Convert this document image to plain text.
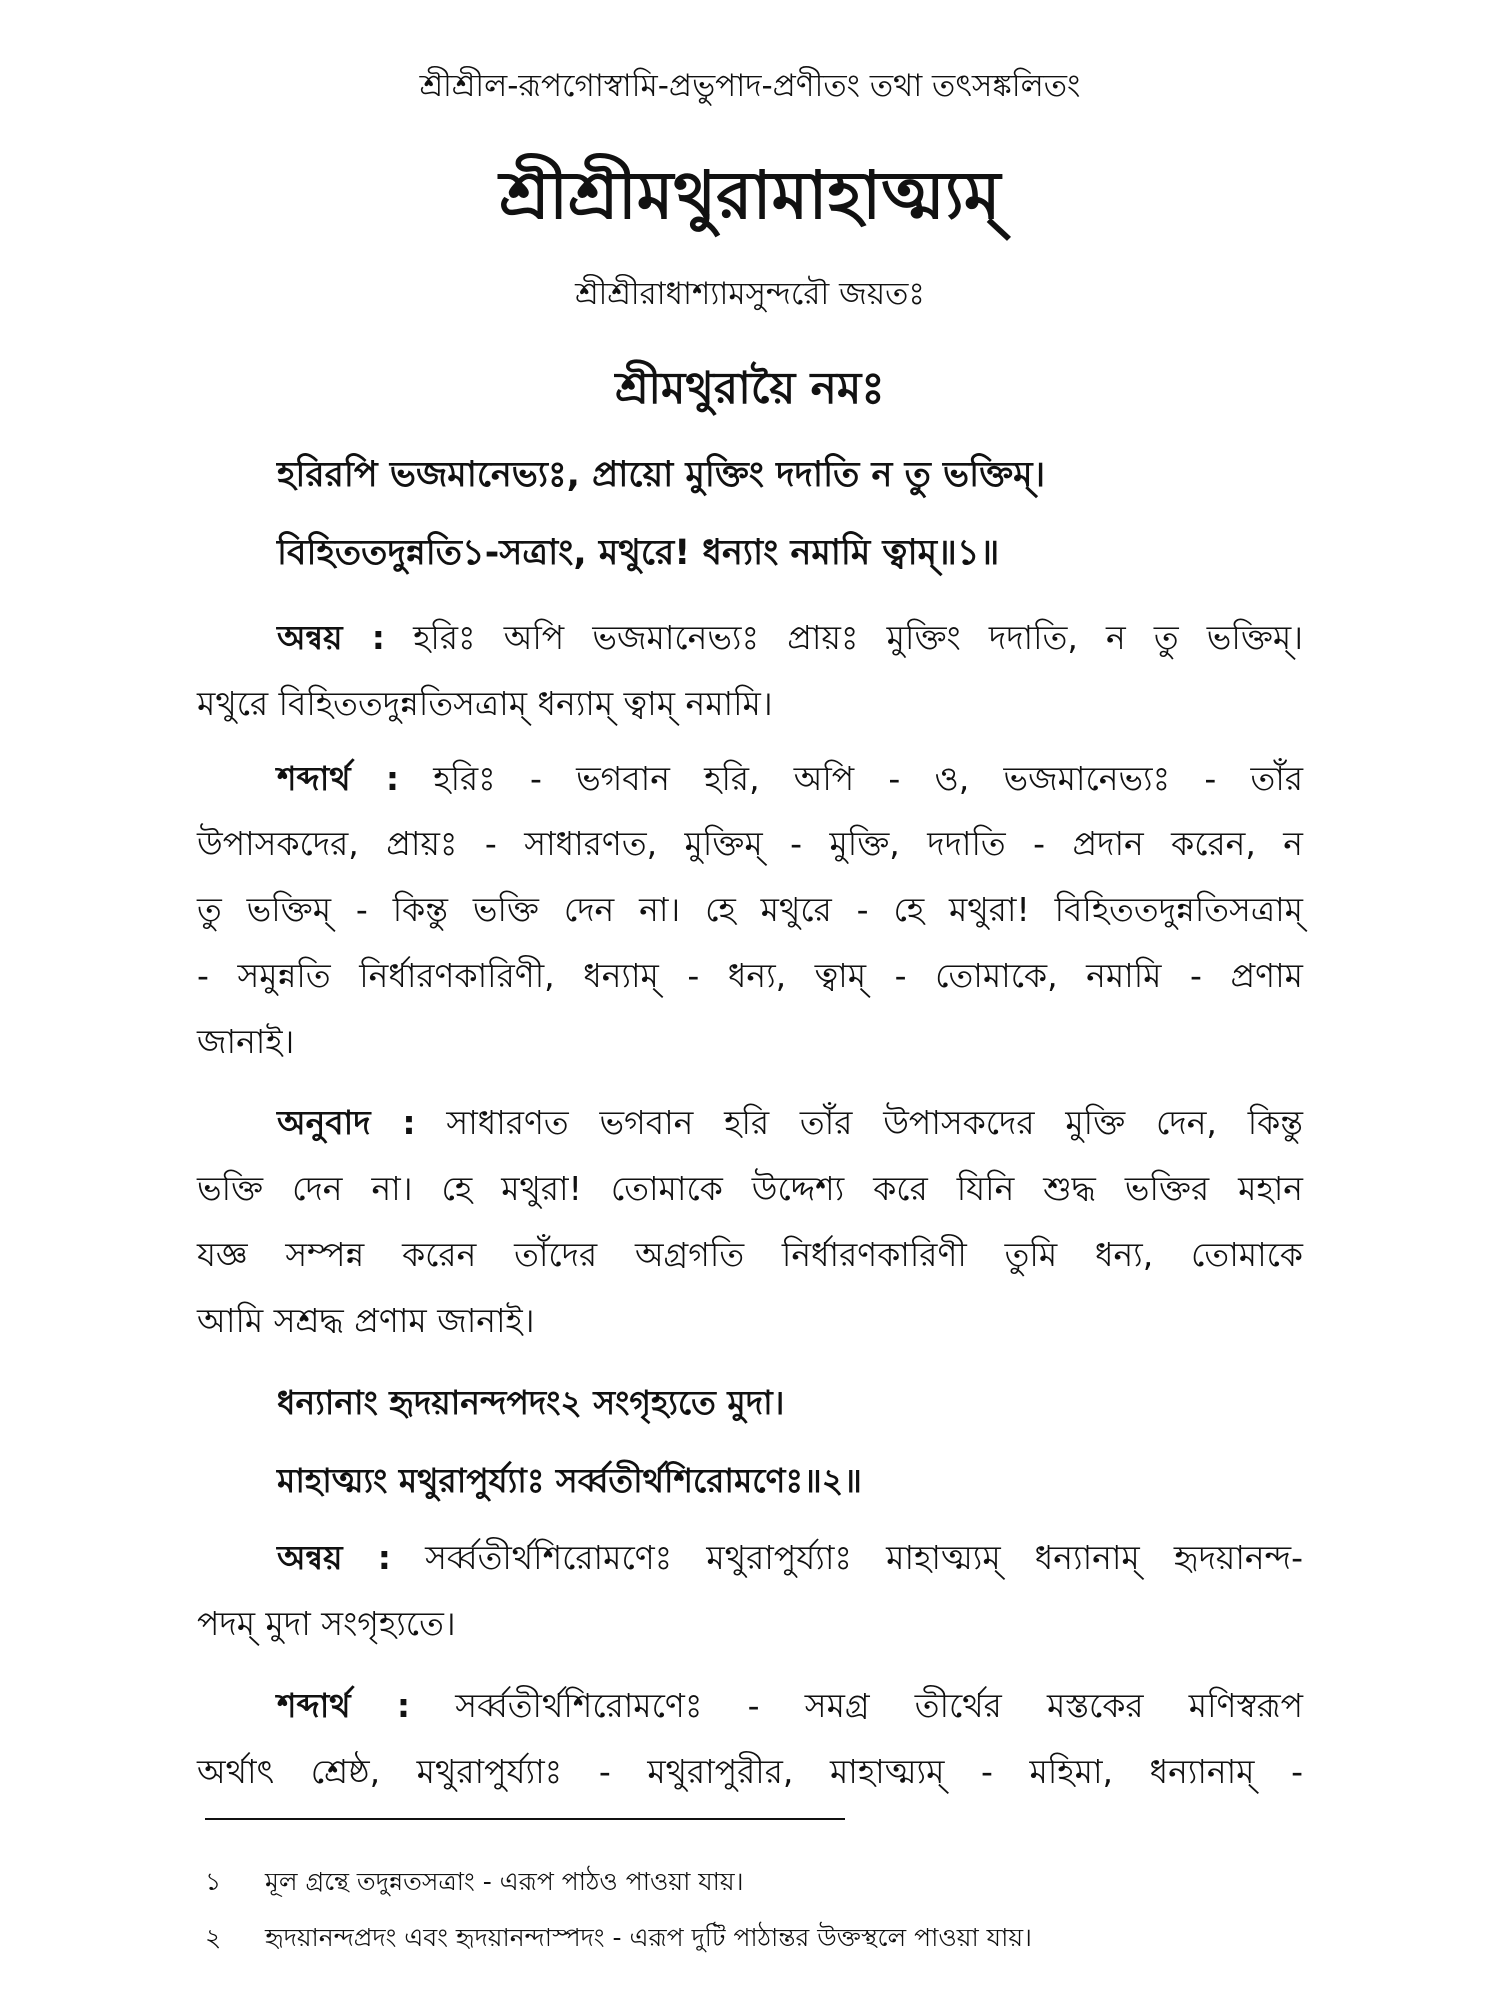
শ্রীশ্রীল-রূপগোস্বামি-প্রভুপাদ-প্রণীতং তথা তৎসঙ্কলিতং
শ্রীশ্রীমথুরামাহাত্ম্যম্
শ্রীশ্রীরাধাশ্যামসুন্দরৌ জয়তঃ
শ্রীমথুরায়ৈ নমঃ
হরিরপি ভজমানেভ্যঃ, প্রায়ো মুক্তিং দদাতি ন তু ভক্তিম্।
বিহিততদুন্নতি১-সত্রাং, মথুরে! ধন্যাং নমামি ত্বাম্॥১॥
অন্বয় : হরিঃ অপি ভজমানেভ্যঃ প্রায়ঃ মুক্তিং দদাতি, ন তু ভক্তিম্।
মথুরে বিহিততদুন্নতিসত্রাম্ ধন্যাম্ ত্বাম্ নমামি।
শব্দার্থ : হরিঃ - ভগবান হরি, অপি - ও, ভজমানেভ্যঃ - তাঁর
উপাসকদের, প্রায়ঃ - সাধারণত, মুক্তিম্ - মুক্তি, দদাতি - প্রদান করেন, ন
তু ভক্তিম্ - কিন্তু ভক্তি দেন না। হে মথুরে - হে মথুরা! বিহিততদুন্নতিসত্রাম্
- সমুন্নতি নির্ধারণকারিণী, ধন্যাম্ - ধন্য, ত্বাম্ - তোমাকে, নমামি - প্রণাম
জানাই।
অনুবাদ : সাধারণত ভগবান হরি তাঁর উপাসকদের মুক্তি দেন, কিন্তু
ভক্তি দেন না। হে মথুরা! তোমাকে উদ্দেশ্য করে যিনি শুদ্ধ ভক্তির মহান
যজ্ঞ সম্পন্ন করেন তাঁদের অগ্রগতি নির্ধারণকারিণী তুমি ধন্য, তোমাকে
আমি সশ্রদ্ধ প্রণাম জানাই।
ধন্যানাং হৃদয়ানন্দপদং২ সংগৃহ্যতে মুদা।
মাহাত্ম্যং মথুরাপুর্য্যাঃ সর্ব্বতীর্থশিরোমণেঃ॥২॥
অন্বয় : সর্ব্বতীর্থশিরোমণেঃ মথুরাপুর্য্যাঃ মাহাত্ম্যম্ ধন্যানাম্ হৃদয়ানন্দ-
পদম্ মুদা সংগৃহ্যতে।
শব্দার্থ : সর্ব্বতীর্থশিরোমণেঃ - সমগ্র তীর্থের মস্তকের মণিস্বরূপ
অর্থাৎ শ্রেষ্ঠ, মথুরাপুর্য্যাঃ - মথুরাপুরীর, মাহাত্ম্যম্ - মহিমা, ধন্যানাম্ -
১ মূল গ্রন্থে তদুন্নতসত্রাং - এরূপ পাঠও পাওয়া যায়।
২ হৃদয়ানন্দপ্রদং এবং হৃদয়ানন্দাস্পদং - এরূপ দুটি পাঠান্তর উক্তস্থলে পাওয়া যায়।
